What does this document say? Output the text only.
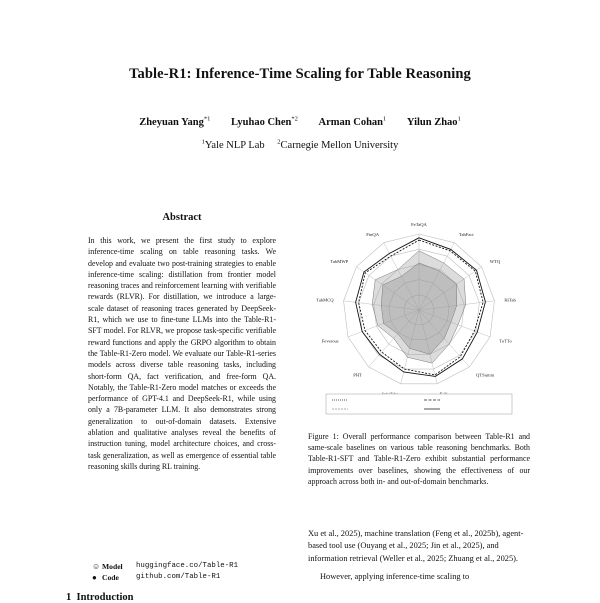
Table-R1: Inference-Time Scaling for Table Reasoning
Zheyuan Yang$^{*1}$ Lyuhao Chen$^{*2}$ Arman Cohan$^1$ Yilun Zhao$^1$
$^1$Yale NLP Lab $^2$Carnegie Mellon University
Abstract
In this work, we present the first study to explore inference-time scaling on table reasoning tasks. We develop and evaluate two post-training strategies to enable inference-time scaling: distillation from frontier model reasoning traces and reinforcement learning with verifiable rewards (RLVR). For distillation, we introduce a large-scale dataset of reasoning traces generated by DeepSeek-R1, which we use to fine-tune LLMs into the Table-R1-SFT model. For RLVR, we propose task-specific verifiable reward functions and apply the GRPO algorithm to obtain the Table-R1-Zero model. We evaluate our Table-R1-series models across diverse table reasoning tasks, including short-form QA, fact verification, and free-form QA. Notably, the Table-R1-Zero model matches or exceeds the performance of GPT-4.1 and DeepSeek-R1, while using only a 7B-parameter LLM. It also demonstrates strong generalization to out-of-domain datasets. Extensive ablation and qualitative analyses reveal the benefits of instruction tuning, model architecture choices, and cross-task generalization, as well as emergence of essential table reasoning skills during RL training.
☺ Model	huggingface.co/Table-R1
● Code	github.com/Table-R1
1 Introduction
FeTaQA
TabFact
WTQ
HiTab
ToTTo
QTSumm
PHT
Feverous
TabMCQ
TabMWP
FinQA
Figure 1: Overall performance comparison between Table-R1 and same-scale baselines on various table reasoning benchmarks. Both Table-R1-SFT and Table-R1-Zero exhibit substantial performance improvements over baselines, showing the effectiveness of our approach across both in- and out-of-domain benchmarks.

Xu et al., 2025), machine translation (Feng et al., 2025b), agent-based tool use (Ouyang et al., 2025; Jin et al., 2025), and information retrieval (Weller et al., 2025; Zhuang et al., 2025).

However, applying inference-time scaling to
